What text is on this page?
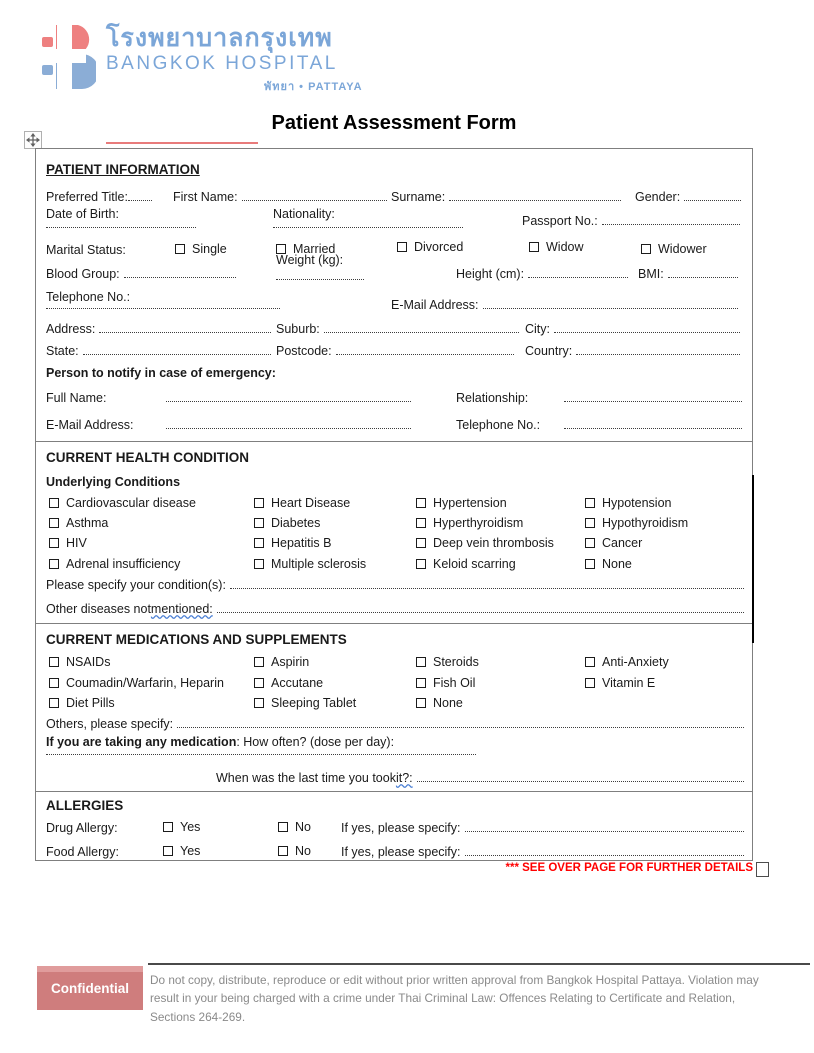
โรงพยาบาลกรุงเทพ
BANGKOK HOSPITAL
พัทยา • PATTAYA
Patient Assessment Form
PATIENT INFORMATION
Preferred Title:	First Name:	Surname:	Gender:
Date of Birth:	Nationality:	Passport No.:
Marital Status:	Single	Married	Divorced	Widow	Widower
Weight (kg):
Blood Group:	Height (cm):	BMI:
Telephone No.:
E-Mail Address:
Address:	Suburb:	City:
State:	Postcode:	Country:
Person to notify in case of emergency:
Full Name:	Relationship:
E-Mail Address:	Telephone No.:
CURRENT HEALTH CONDITION
Underlying Conditions
Cardiovascular disease	Heart Disease	Hypertension	Hypotension
Asthma	Diabetes	Hyperthyroidism	Hypothyroidism
HIV	Hepatitis B	Deep vein thrombosis	Cancer
Adrenal insufficiency	Multiple sclerosis	Keloid scarring	None
Please specify your condition(s):
Other diseases not mentioned:
CURRENT MEDICATIONS AND SUPPLEMENTS
NSAIDs	Aspirin	Steroids	Anti-Anxiety
Coumadin/Warfarin, Heparin	Accutane	Fish Oil	Vitamin E
Diet Pills	Sleeping Tablet	None
Others, please specify:
If you are taking any medication : How often? (dose per day):
When was the last time you took it?:
ALLERGIES
Drug Allergy:	Yes	No If yes, please specify:
Food Allergy:	Yes	No If yes, please specify:
*** SEE OVER PAGE FOR FURTHER DETAILS
Confidential
Do not copy, distribute, reproduce or edit without prior written approval from Bangkok Hospital Pattaya. Violation may result in your being charged with a crime under Thai Criminal Law: Offences Relating to Certificate and Relation, Sections 264-269.
